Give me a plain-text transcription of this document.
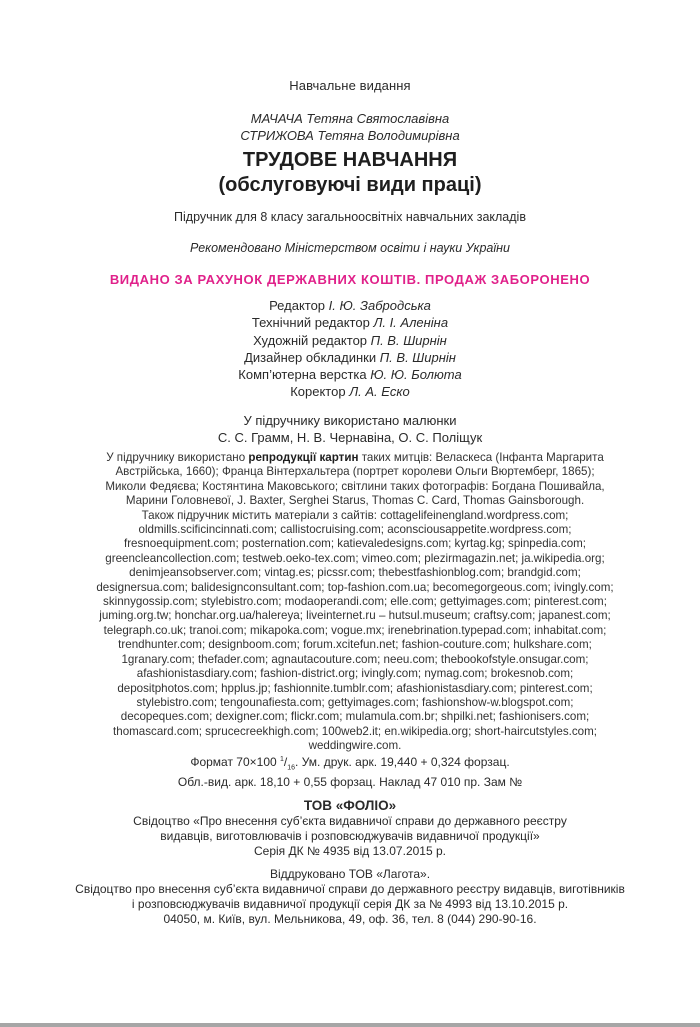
Навчальне видання
МАЧАЧА Тетяна Святославівна
СТРИЖОВА Тетяна Володимирівна
ТРУДОВЕ НАВЧАННЯ
(обслуговуючі види праці)
Підручник для 8 класу загальноосвітніх навчальних закладів
Рекомендовано Міністерством освіти і науки України
ВИДАНО ЗА РАХУНОК ДЕРЖАВНИХ КОШТІВ. ПРОДАЖ ЗАБОРОНЕНО
Редактор І. Ю. Забродська
Технічний редактор Л. І. Аленіна
Художній редактор П. В. Ширнін
Дизайнер обкладинки П. В. Ширнін
Комп’ютерна верстка Ю. Ю. Болюта
Коректор Л. А. Еско
У підручнику використано малюнки
С. С. Грамм, Н. В. Чернавіна, О. С. Поліщук
У підручнику використано репродукції картин таких митців: Веласкеса (Інфанта Маргарита
Австрійська, 1660); Франца Вінтерхальтера (портрет королеви Ольги Вюртемберг, 1865);
Миколи Федяєва; Костянтина Маковського; світлини таких фотографів: Богдана Пошивайла,
Марини Головневої, J. Baxter, Serghei Starus, Thomas C. Card, Thomas Gainsborough.
Також підручник містить матеріали з сайтів: cottagelifeinengland.wordpress.com;
oldmills.scificincinnati.com; callistocruising.com; aconsciousappetite.wordpress.com;
fresnoequipment.com; posternation.com; katievaledesigns.com; kyrtag.kg; spinpedia.com;
greencleancollection.com; testweb.oeko-tex.com; vimeo.com; plezirmagazin.net; ja.wikipedia.org;
denimjeansobserver.com; vintag.es; picssr.com; thebestfashionblog.com; brandgid.com;
designersua.com; balidesignconsultant.com; top-fashion.com.ua; becomegorgeous.com; ivingly.com;
skinnygossip.com; stylebistro.com; modaoperandi.com; elle.com; gettyimages.com; pinterest.com;
juming.org.tw; honchar.org.ua/halereya; liveinternet.ru – hutsul.museum; craftsy.com; japanest.com;
telegraph.co.uk; tranoi.com; mikapoka.com; vogue.mx; irenebrination.typepad.com; inhabitat.com;
trendhunter.com; designboom.com; forum.xcitefun.net; fashion-couture.com; hulkshare.com;
1granary.com; thefader.com; agnautacouture.com; neeu.com; thebookofstyle.onsugar.com;
afashionistasdiary.com; fashion-district.org; ivingly.com; nymag.com; brokesnob.com;
depositphotos.com; hpplus.jp; fashionnite.tumblr.com; afashionistasdiary.com; pinterest.com;
stylebistro.com; tengounafiesta.com; gettyimages.com; fashionshow-w.blogspot.com;
decopeques.com; dexigner.com; flickr.com; mulamula.com.br; shpilki.net; fashionisers.com;
thomascard.com; sprucecreekhigh.com; 100web2.it; en.wikipedia.org; short-haircutstyles.com;
weddingwire.com.
Формат 70×100 $^1/_{16}$. Ум. друк. арк. 19,440 + 0,324 форзац.
Обл.-вид. арк. 18,10 + 0,55 форзац. Наклад 47 010 пр. Зам №
ТОВ «ФОЛІО»
Свідоцтво «Про внесення суб’єкта видавничої справи до державного реєстру
видавців, виготовлювачів і розповсюджувачів видавничої продукції»
Серія ДК № 4935 від 13.07.2015 р.
Віддруковано ТОВ «Лагота».
Свідоцтво про внесення суб’єкта видавничої справи до державного реєстру видавців, виготівників
і розповсюджувачів видавничої продукції серія ДК за № 4993 від 13.10.2015 р.
04050, м. Київ, вул. Мельникова, 49, оф. 36, тел. 8 (044) 290-90-16.
